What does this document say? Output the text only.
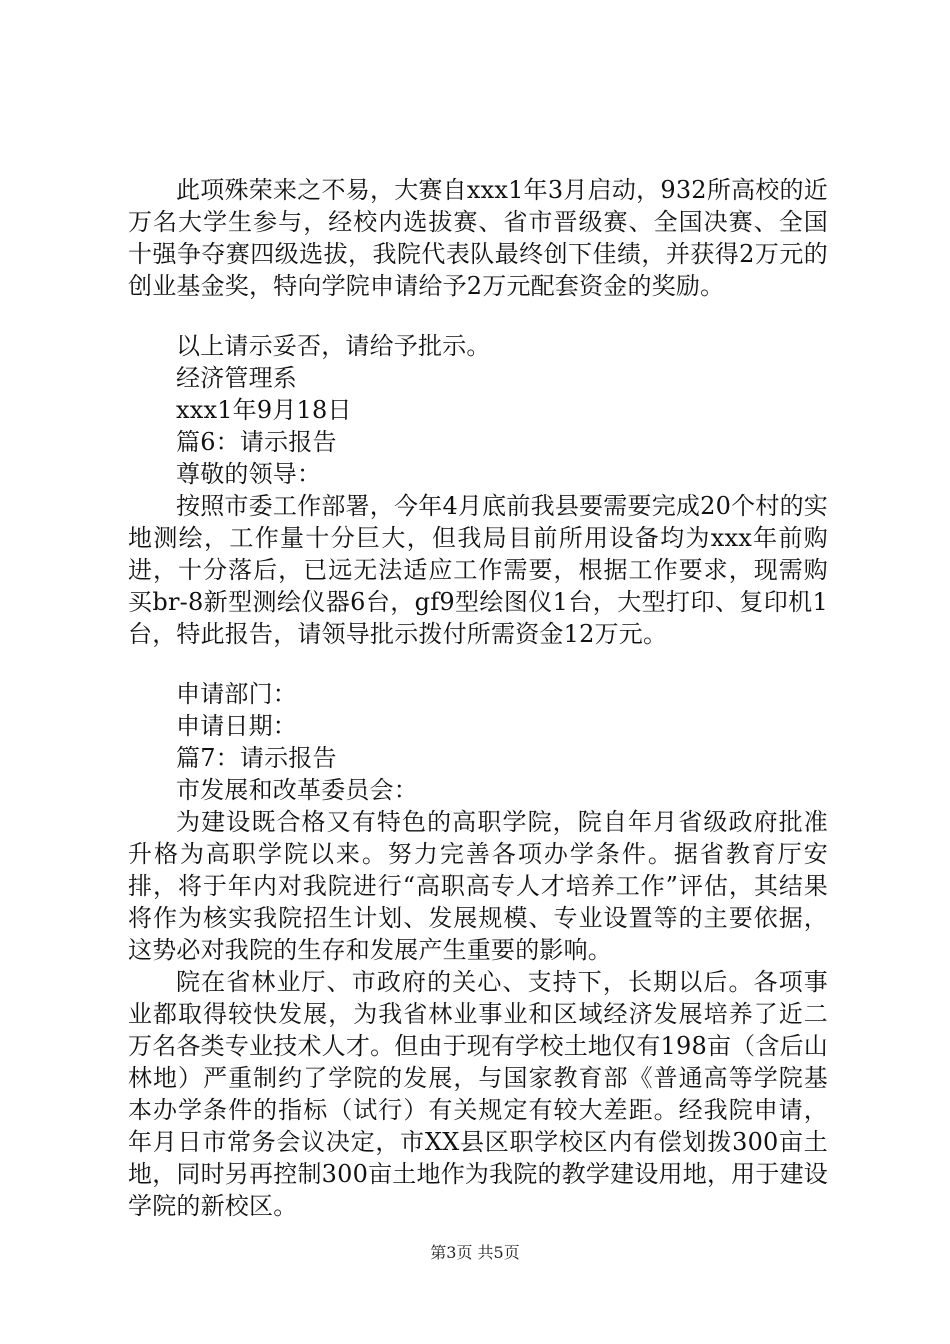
此项殊荣来之不易，大赛自xxx1年3月启动，932所高校的近万名大学生参与，经校内选拔赛、省市晋级赛、全国决赛、全国十强争夺赛四级选拔，我院代表队最终创下佳绩，并获得2万元的创业基金奖，特向学院申请给予2万元配套资金的奖励。

以上请示妥否，请给予批示。

经济管理系

xxx1年9月18日

篇6：请示报告

尊敬的领导：

按照市委工作部署，今年4月底前我县要需要完成20个村的实地测绘，工作量十分巨大，但我局目前所用设备均为xxx年前购进，十分落后，已远无法适应工作需要，根据工作要求，现需购买br-8新型测绘仪器6台，gf9型绘图仪1台，大型打印、复印机1台，特此报告，请领导批示拨付所需资金12万元。

申请部门：

申请日期：

篇7：请示报告

市发展和改革委员会：

为建设既合格又有特色的高职学院，院自年月省级政府批准升格为高职学院以来。努力完善各项办学条件。据省教育厅安排，将于年内对我院进行“高职高专人才培养工作”评估，其结果将作为核实我院招生计划、发展规模、专业设置等的主要依据，这势必对我院的生存和发展产生重要的影响。

院在省林业厅、市政府的关心、支持下，长期以后。各项事业都取得较快发展，为我省林业事业和区域经济发展培养了近二万名各类专业技术人才。但由于现有学校土地仅有198亩（含后山林地）严重制约了学院的发展，与国家教育部《普通高等学院基本办学条件的指标（试行）有关规定有较大差距。经我院申请，年月日市常务会议决定，市XX县区职学校区内有偿划拨300亩土地，同时另再控制300亩土地作为我院的教学建设用地，用于建设学院的新校区。

第3页 共5页
